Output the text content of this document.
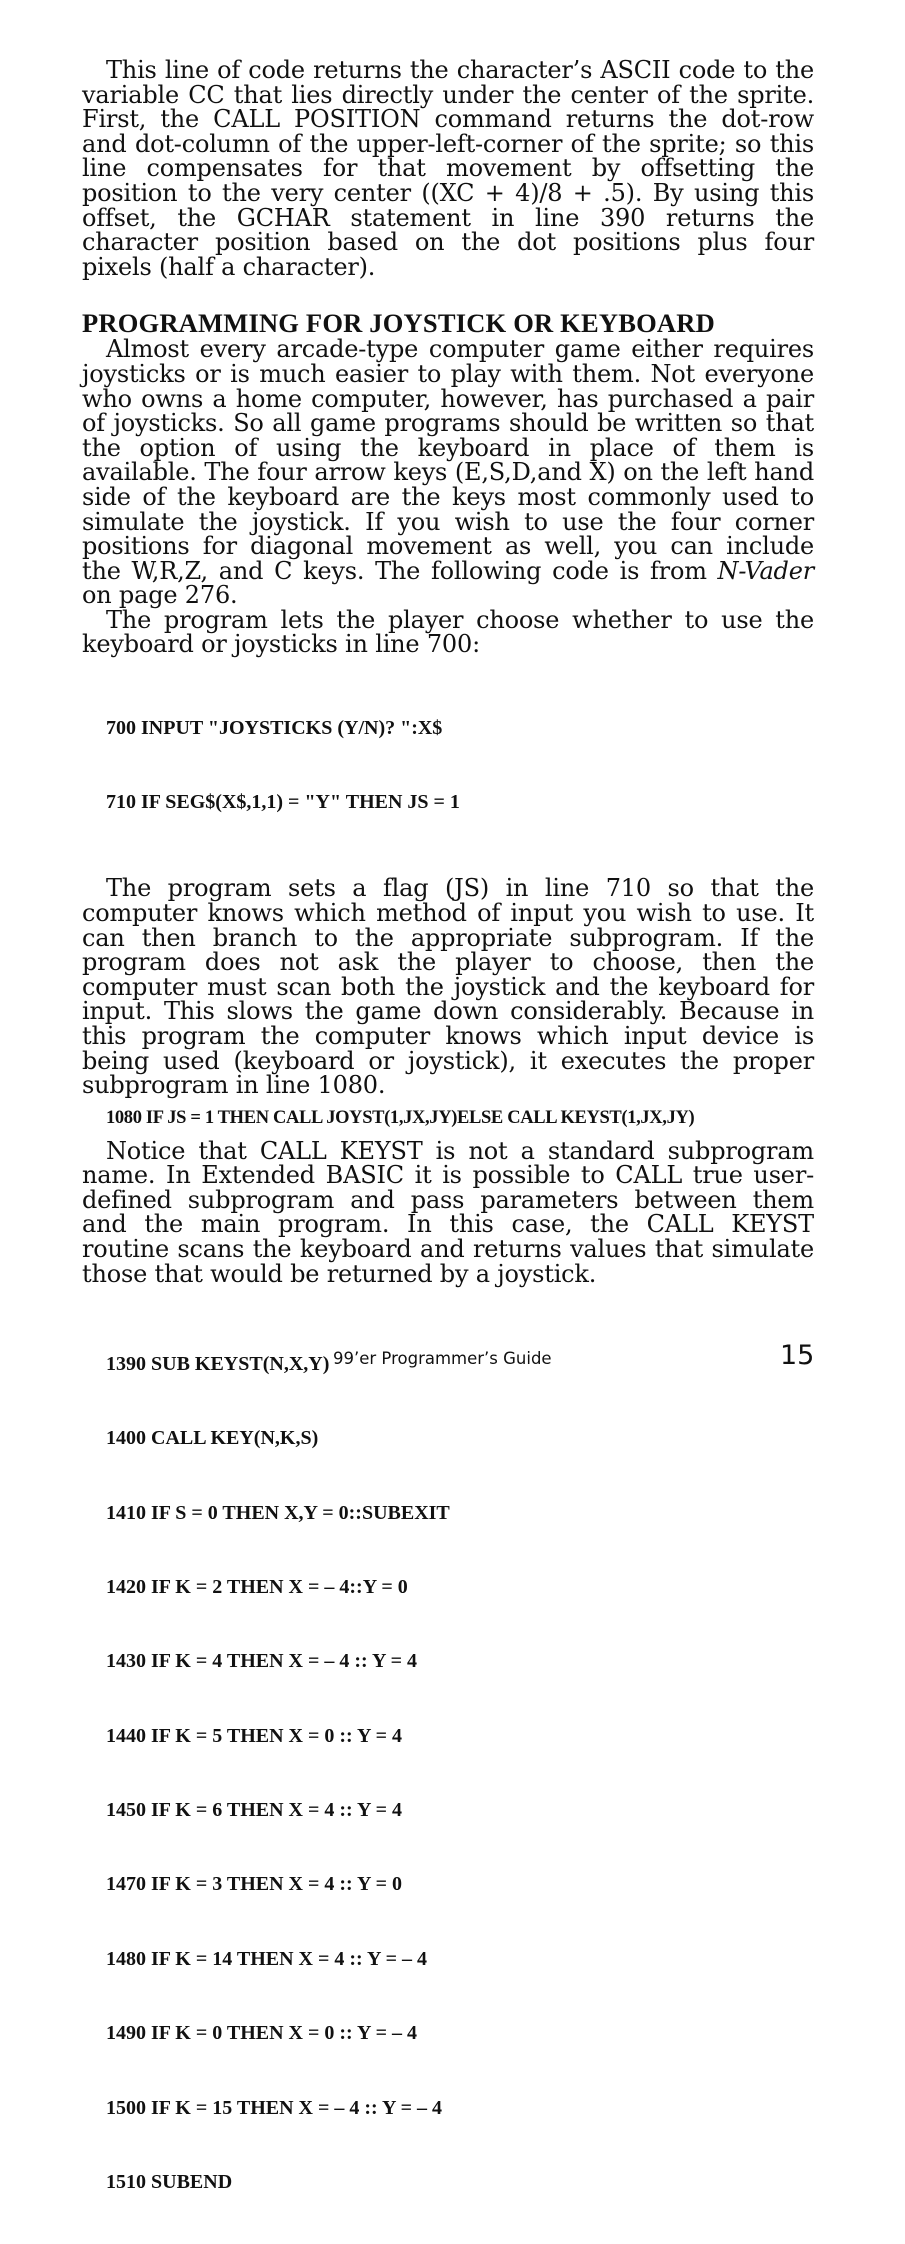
This line of code returns the character’s ASCII code to the variable CC that lies directly under the center of the sprite. First, the CALL POSITION command returns the dot-row and dot-column of the upper-left-corner of the sprite; so this line compensates for that movement by offsetting the position to the very center ((XC + 4)/8 + .5). By using this offset, the GCHAR statement in line 390 returns the character position based on the dot positions plus four pixels (half a character).

PROGRAMMING FOR JOYSTICK OR KEYBOARD

Almost every arcade-type computer game either requires joysticks or is much easier to play with them. Not everyone who owns a home computer, however, has purchased a pair of joysticks. So all game programs should be written so that the option of using the keyboard in place of them is available. The four arrow keys (E,S,D,and X) on the left hand side of the keyboard are the keys most commonly used to simulate the joystick. If you wish to use the four corner positions for diagonal movement as well, you can include the W,R,Z, and C keys. The following code is from N-Vader on page 276.

The program lets the player choose whether to use the keyboard or joysticks in line 700:

700 INPUT "JOYSTICKS (Y/N)? ":X$

710 IF SEG$(X$,1,1) = "Y" THEN JS = 1

The program sets a flag (JS) in line 710 so that the computer knows which method of input you wish to use. It can then branch to the appropriate subprogram. If the program does not ask the player to choose, then the computer must scan both the joystick and the keyboard for input. This slows the game down considerably. Because in this program the computer knows which input device is being used (keyboard or joystick), it executes the proper subprogram in line 1080.

1080 IF JS = 1 THEN CALL JOYST(1,JX,JY)ELSE CALL KEYST(1,JX,JY)

Notice that CALL KEYST is not a standard subprogram name. In Extended BASIC it is possible to CALL true user-defined subprogram and pass parameters between them and the main program. In this case, the CALL KEYST routine scans the keyboard and returns values that simulate those that would be returned by a joystick.

1390 SUB KEYST(N,X,Y)

1400 CALL KEY(N,K,S)

1410 IF S = 0 THEN X,Y = 0::SUBEXIT

1420 IF K = 2 THEN X = – 4::Y = 0

1430 IF K = 4 THEN X = – 4 :: Y = 4

1440 IF K = 5 THEN X = 0 :: Y = 4

1450 IF K = 6 THEN X = 4 :: Y = 4

1470 IF K = 3 THEN X = 4 :: Y = 0

1480 IF K = 14 THEN X = 4 :: Y = – 4

1490 IF K = 0 THEN X = 0 :: Y = – 4

1500 IF K = 15 THEN X = – 4 :: Y = – 4

1510 SUBEND

99’er Programmer’s Guide	15
